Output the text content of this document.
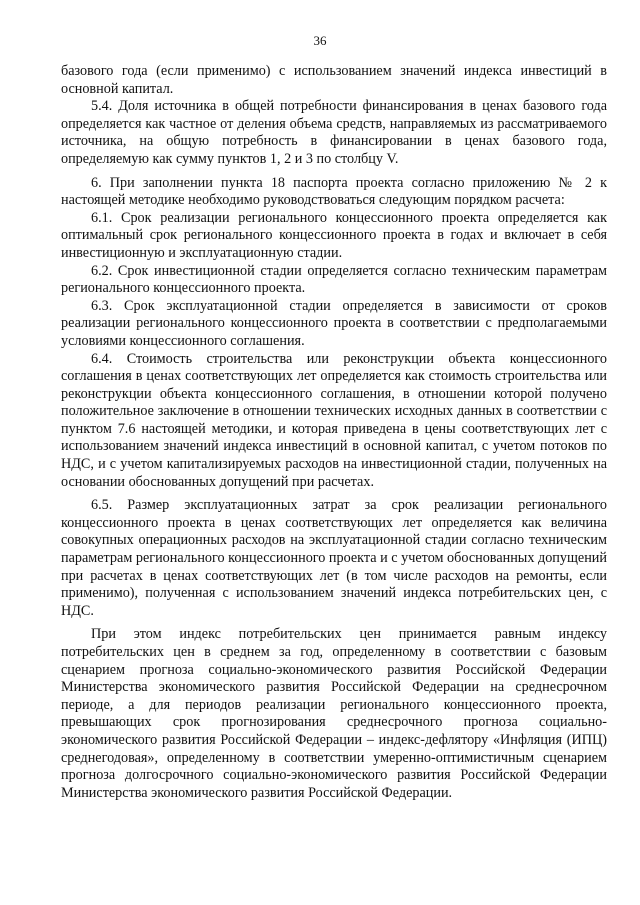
36

базового года (если применимо) с использованием значений индекса инвестиций в основной капитал.

5.4. Доля источника в общей потребности финансирования в ценах базового года определяется как частное от деления объема средств, направляемых из рассматриваемого источника, на общую потребность в финансировании в ценах базового года, определяемую как сумму пунктов 1, 2 и 3 по столбцу V.

6. При заполнении пункта 18 паспорта проекта согласно приложению № 2 к настоящей методике необходимо руководствоваться следующим порядком расчета:

6.1. Срок реализации регионального концессионного проекта определяется как оптимальный срок регионального концессионного проекта в годах и включает в себя инвестиционную и эксплуатационную стадии.

6.2. Срок инвестиционной стадии определяется согласно техническим параметрам регионального концессионного проекта.

6.3. Срок эксплуатационной стадии определяется в зависимости от сроков реализации регионального концессионного проекта в соответствии с предполагаемыми условиями концессионного соглашения.

6.4. Стоимость строительства или реконструкции объекта концессионного соглашения в ценах соответствующих лет определяется как стоимость строительства или реконструкции объекта концессионного соглашения, в отношении которой получено положительное заключение в отношении технических исходных данных в соответствии с пунктом 7.6 настоящей методики, и которая приведена в цены соответствующих лет с использованием значений индекса инвестиций в основной капитал, с учетом потоков по НДС, и с учетом капитализируемых расходов на инвестиционной стадии, полученных на основании обоснованных допущений при расчетах.

6.5. Размер эксплуатационных затрат за срок реализации регионального концессионного проекта в ценах соответствующих лет определяется как величина совокупных операционных расходов на эксплуатационной стадии согласно техническим параметрам регионального концессионного проекта и с учетом обоснованных допущений при расчетах в ценах соответствующих лет (в том числе расходов на ремонты, если применимо), полученная с использованием значений индекса потребительских цен, с НДС.

При этом индекс потребительских цен принимается равным индексу потребительских цен в среднем за год, определенному в соответствии с базовым сценарием прогноза социально-экономического развития Российской Федерации Министерства экономического развития Российской Федерации на среднесрочном периоде, а для периодов реализации регионального концессионного проекта, превышающих срок прогнозирования среднесрочного прогноза социально-экономического развития Российской Федерации – индекс-дефлятору «Инфляция (ИПЦ) среднегодовая», определенному в соответствии умеренно-оптимистичным сценарием прогноза долгосрочного социально-экономического развития Российской Федерации Министерства экономического развития Российской Федерации.
